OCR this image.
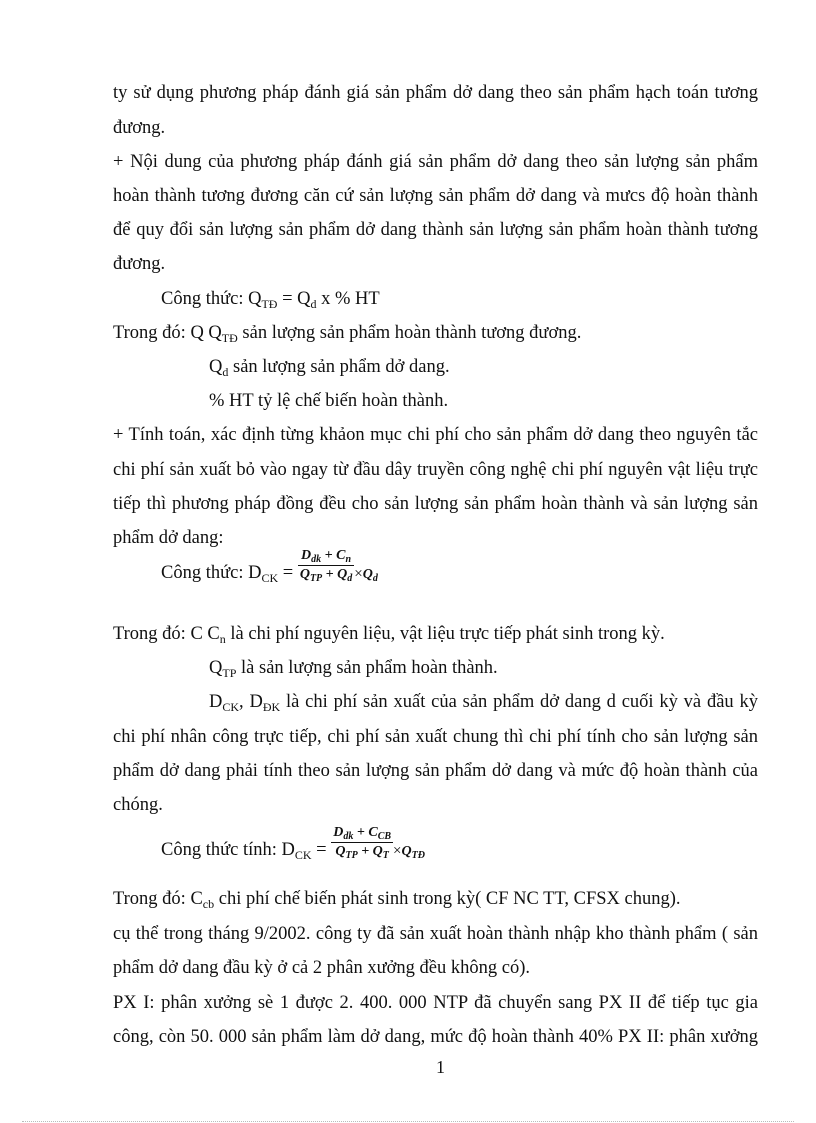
ty sử dụng phương pháp đánh giá sản phẩm dở dang theo sản phẩm hạch toán tương
đương.
+ Nội dung của phương pháp đánh giá sản phẩm dở dang theo sản lượng sản phẩm
hoàn thành tương đương căn cứ sản lượng sản phẩm dở dang và mưcs độ hoàn thành
để quy đổi sản lượng sản phẩm dở dang thành sản lượng sản phẩm hoàn thành tương
đương.
Công thức: $Q_{TĐ} = Q_d$ x % HT
Trong đó: Q $Q_{TĐ}$ sản lượng sản phẩm hoàn thành tương đương.
$Q_d$ sản lượng sản phẩm dở dang.
% HT tỷ lệ chế biến hoàn thành.
+ Tính toán, xác định từng khảon mục chi phí cho sản phẩm dở dang theo nguyên tắc
chi phí sản xuất bỏ vào ngay từ đầu dây truyền công nghệ chi phí nguyên vật liệu trực
tiếp thì phương pháp đồng đều cho sản lượng sản phẩm hoàn thành và sản lượng sản
phẩm dở dang:
Công thức: $D_{CK} = \frac{D_{dk} + C_n}{Q_{TP} + Q_d} \times Q_d$
Trong đó: C $C_n$ là chi phí nguyên liệu, vật liệu trực tiếp phát sinh trong kỳ.
$Q_{TP}$ là sản lượng sản phẩm hoàn thành.
$D_{CK}$, $D_{ĐK}$ là chi phí sản xuất của sản phẩm dở dang d cuối kỳ và đầu kỳ
chi phí nhân công trực tiếp, chi phí sản xuất chung thì chi phí tính cho sản lượng sản
phẩm dở dang phải tính theo sản lượng sản phẩm dở dang và mức độ hoàn thành của
chóng.
Công thức tính: $D_{CK} = \frac{D_{dk} + C_{CB}}{Q_{TP} + Q_T} \times Q_{TĐ}$
Trong đó: $C_{cb}$ chi phí chế biến phát sinh trong kỳ( CF NC TT, CFSX chung).
cụ thể trong tháng 9/2002. công ty đã sản xuất hoàn thành nhập kho thành phẩm ( sản
phẩm dở dang đầu kỳ ở cả 2 phân xưởng đều không có).
PX I: phân xưởng sè 1 được 2. 400. 000 NTP đã chuyển sang PX II để tiếp tục gia
công, còn 50. 000 sản phẩm làm dở dang, mức độ hoàn thành 40% PX II: phân xưởng
1
